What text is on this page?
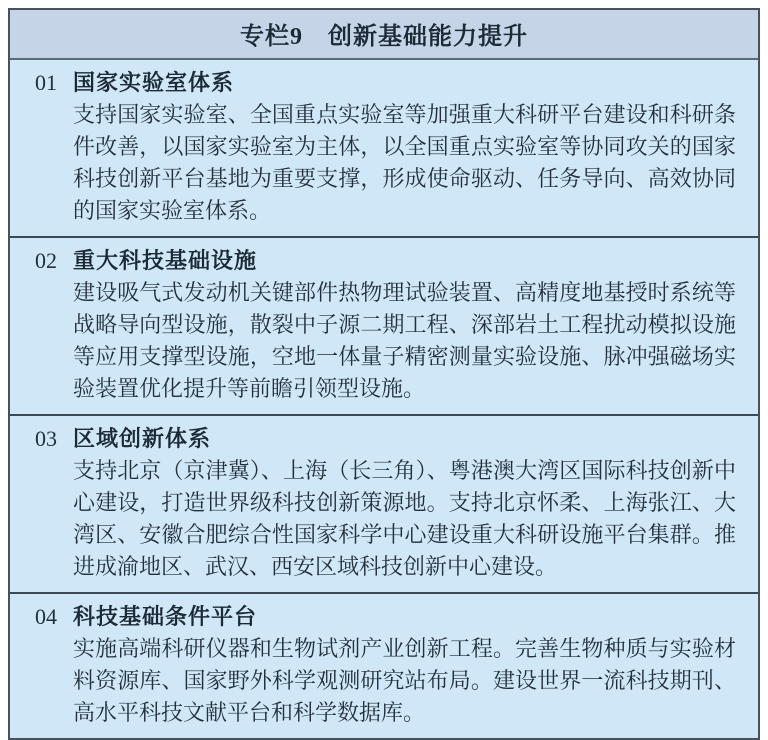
专栏9　创新基础能力提升
01 国家实验室体系
支持国家实验室、全国重点实验室等加强重大科研平台建设和科研条件改善，以国家实验室为主体，以全国重点实验室等协同攻关的国家科技创新平台基地为重要支撑，形成使命驱动、任务导向、高效协同的国家实验室体系。
02 重大科技基础设施
建设吸气式发动机关键部件热物理试验装置、高精度地基授时系统等战略导向型设施，散裂中子源二期工程、深部岩土工程扰动模拟设施等应用支撑型设施，空地一体量子精密测量实验设施、脉冲强磁场实验装置优化提升等前瞻引领型设施。
03 区域创新体系
支持北京（京津冀）、上海（长三角）、粤港澳大湾区国际科技创新中心建设，打造世界级科技创新策源地。支持北京怀柔、上海张江、大湾区、安徽合肥综合性国家科学中心建设重大科研设施平台集群。推进成渝地区、武汉、西安区域科技创新中心建设。
04 科技基础条件平台
实施高端科研仪器和生物试剂产业创新工程。完善生物种质与实验材料资源库、国家野外科学观测研究站布局。建设世界一流科技期刊、高水平科技文献平台和科学数据库。
